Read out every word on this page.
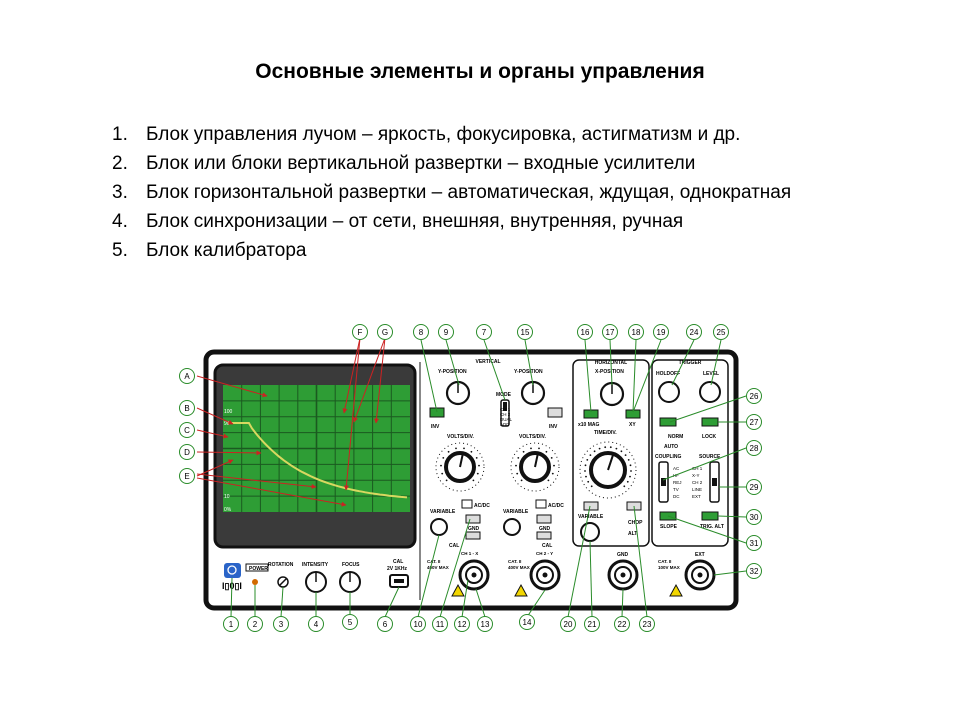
Основные элементы и органы управления
1. Блок управления лучом – яркость, фокусировка, астигматизм и др.
2. Блок или блоки вертикальной развертки – входные усилители
3. Блок горизонтальной развертки – автоматическая, ждущая, однократная
4. Блок синхронизации – от сети, внешняя, внутренняя, ручная
5. Блок калибратора
100
90
10
0%
POWER
I▯0▯I
ROTATION INTENSITY	FOCUS	CAL
2V 1KHz
VERTICAL
Y-POSITION	Y-POSITION
MODE
CH 1
CH 2
DUAL
ADD
INV	INV
VOLTS/DIV.	VOLTS/DIV.
VARIABLE
CAL
VARIABLE
CAL
AC/DC
GND
AC/DC
GND
CAT. II
400V MAX
CH 1 - X
CAT. II
400V MAX
CH 2 - Y
HORIZONTAL
X-POSITION
x10 MAG	XY
TIME/DIV.
VARIABLE
CHOP
ALT
GND
TRIGGER
HOLDOFF	LEVEL
NORM	LOCK
AUTO
COUPLING	SOURCE
AC
HF
REJ
TV
DC
CH 1
X-Y
CH 2
LINE
EXT
SLOPE	TRIG. ALT
CAT. II
100V MAX
EXT
F G	8	9	7	15	16 17 18 19	24 25
A
B
C
D
E
26
27
28
29
30
31
32
1 2	3	4	5	6	10 11 12 13	14	20 21	22 23
